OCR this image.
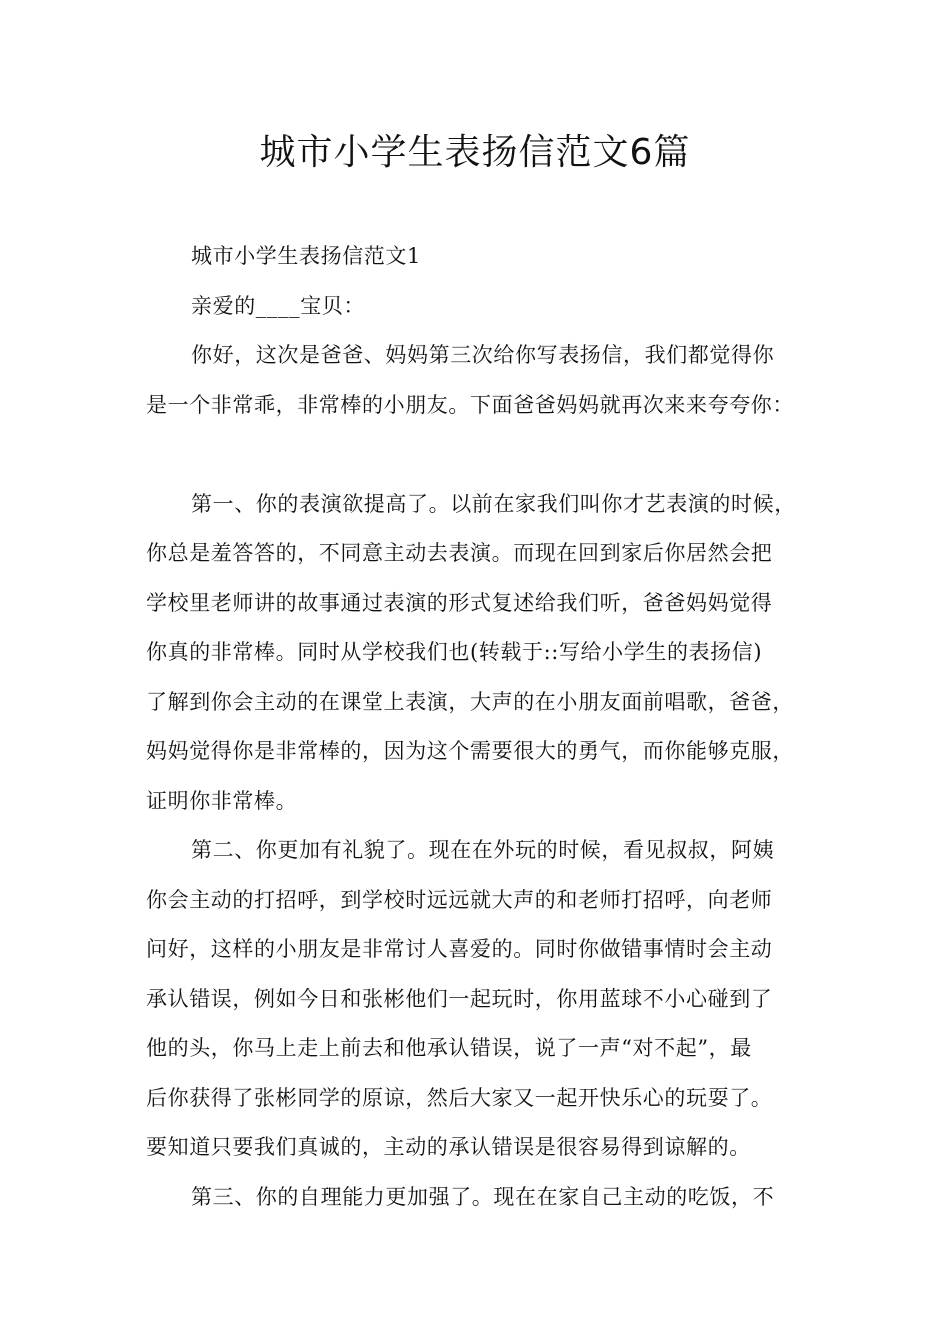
城市小学生表扬信范文6篇

城市小学生表扬信范文1

亲爱的____宝贝：

你好，这次是爸爸、妈妈第三次给你写表扬信，我们都觉得你
是一个非常乖，非常棒的小朋友。下面爸爸妈妈就再次来来夸夸你：

第一、你的表演欲提高了。以前在家我们叫你才艺表演的时候，
你总是羞答答的，不同意主动去表演。而现在回到家后你居然会把
学校里老师讲的故事通过表演的形式复述给我们听，爸爸妈妈觉得
你真的非常棒。同时从学校我们也(转载于::写给小学生的表扬信)
了解到你会主动的在课堂上表演，大声的在小朋友面前唱歌，爸爸，
妈妈觉得你是非常棒的，因为这个需要很大的勇气，而你能够克服，
证明你非常棒。

第二、你更加有礼貌了。现在在外玩的时候，看见叔叔，阿姨
你会主动的打招呼，到学校时远远就大声的和老师打招呼，向老师
问好，这样的小朋友是非常讨人喜爱的。同时你做错事情时会主动
承认错误，例如今日和张彬他们一起玩时，你用蓝球不小心碰到了
他的头，你马上走上前去和他承认错误，说了一声“对不起”，最
后你获得了张彬同学的原谅，然后大家又一起开快乐心的玩耍了。
要知道只要我们真诚的，主动的承认错误是很容易得到谅解的。

第三、你的自理能力更加强了。现在在家自己主动的吃饭，不
